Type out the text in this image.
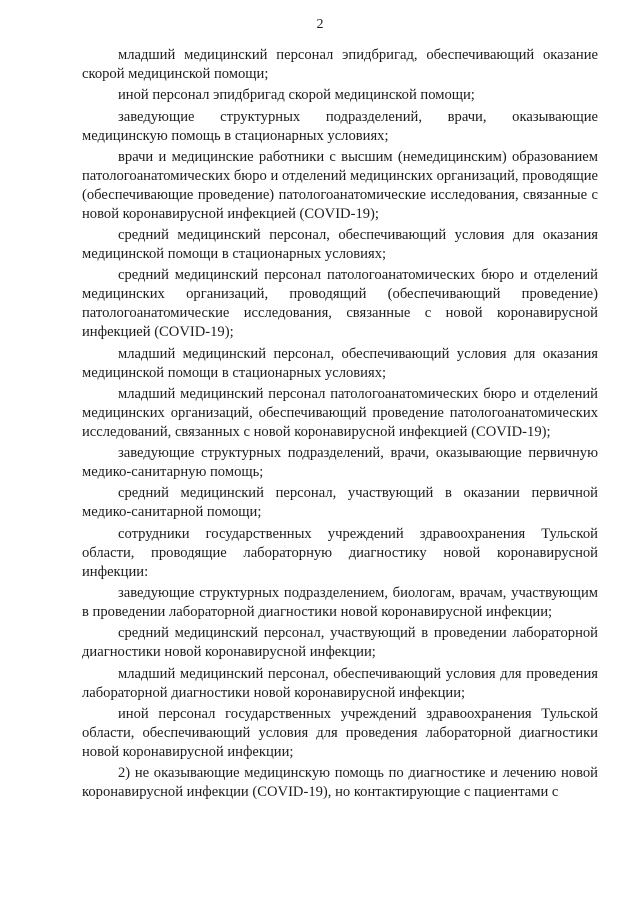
2

младший медицинский персонал эпидбригад, обеспечивающий оказание скорой медицинской помощи;

иной персонал эпидбригад скорой медицинской помощи;

заведующие структурных подразделений, врачи, оказывающие медицинскую помощь в стационарных условиях;

врачи и медицинские работники с высшим (немедицинским) образованием патологоанатомических бюро и отделений медицинских организаций, проводящие (обеспечивающие проведение) патологоанатомические исследования, связанные с новой коронавирусной инфекцией (COVID-19);

средний медицинский персонал, обеспечивающий условия для оказания медицинской помощи в стационарных условиях;

средний медицинский персонал патологоанатомических бюро и отделений медицинских организаций, проводящий (обеспечивающий проведение) патологоанатомические исследования, связанные с новой коронавирусной инфекцией (COVID-19);

младший медицинский персонал, обеспечивающий условия для оказания медицинской помощи в стационарных условиях;

младший медицинский персонал патологоанатомических бюро и отделений медицинских организаций, обеспечивающий проведение патологоанатомических исследований, связанных с новой коронавирусной инфекцией (COVID-19);

заведующие структурных подразделений, врачи, оказывающие первичную медико-санитарную помощь;

средний медицинский персонал, участвующий в оказании первичной медико-санитарной помощи;

сотрудники государственных учреждений здравоохранения Тульской области, проводящие лабораторную диагностику новой коронавирусной инфекции:

заведующие структурных подразделением, биологам, врачам, участвующим в проведении лабораторной диагностики новой коронавирусной инфекции;

средний медицинский персонал, участвующий в проведении лабораторной диагностики новой коронавирусной инфекции;

младший медицинский персонал, обеспечивающий условия для проведения лабораторной диагностики новой коронавирусной инфекции;

иной персонал государственных учреждений здравоохранения Тульской области, обеспечивающий условия для проведения лабораторной диагностики новой коронавирусной инфекции;

2) не оказывающие медицинскую помощь по диагностике и лечению новой коронавирусной инфекции (COVID-19), но контактирующие с пациентами с
